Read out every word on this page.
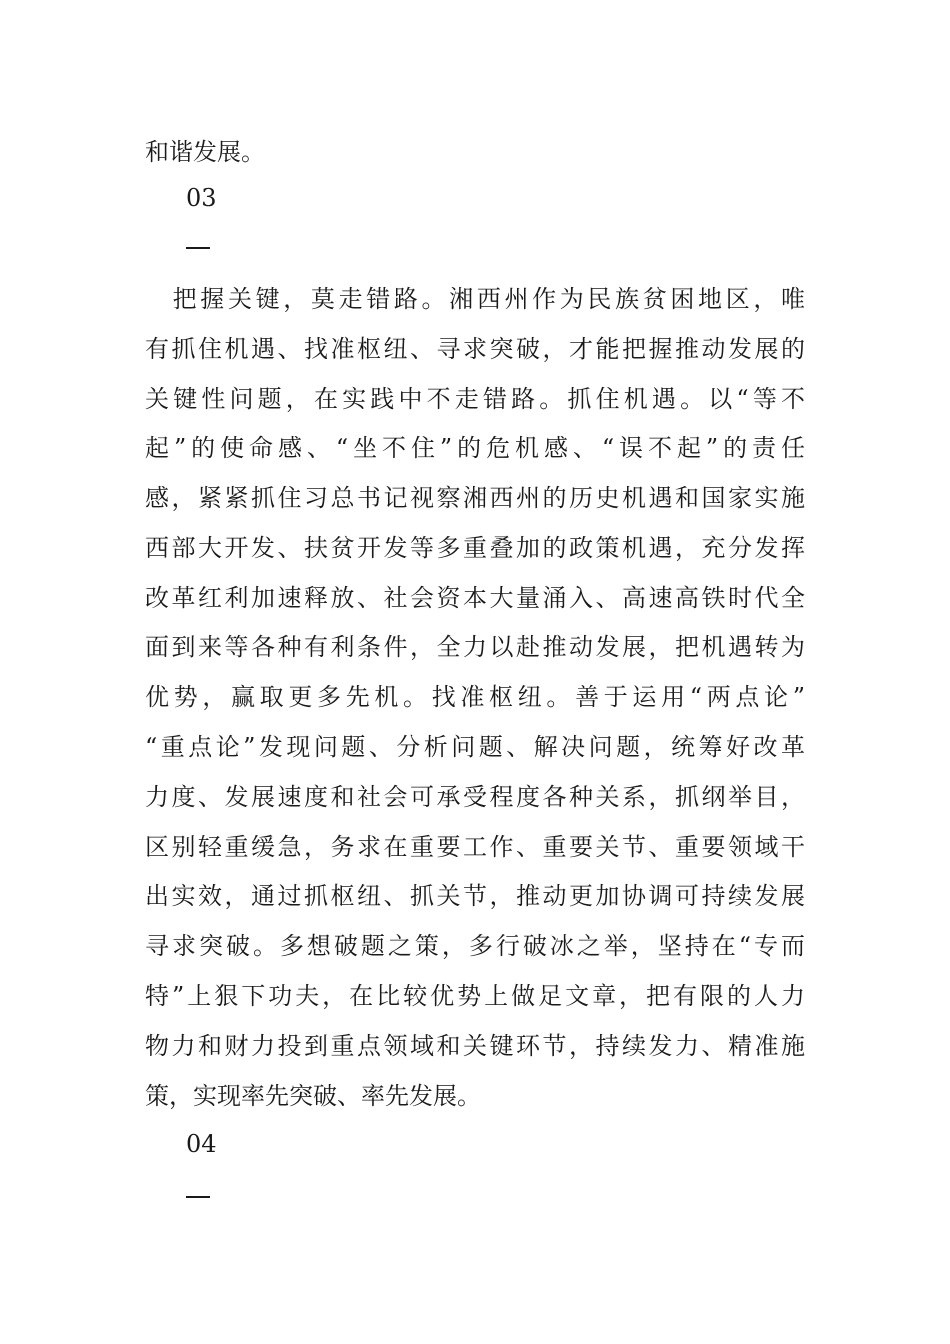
和谐发展。
03
　把握关键，莫走错路。湘西州作为民族贫困地区，唯
有抓住机遇、找准枢纽、寻求突破，才能把握推动发展的
关键性问题，在实践中不走错路。抓住机遇。以“等不
起”的使命感、“坐不住”的危机感、“误不起”的责任
感，紧紧抓住习总书记视察湘西州的历史机遇和国家实施
西部大开发、扶贫开发等多重叠加的政策机遇，充分发挥
改革红利加速释放、社会资本大量涌入、高速高铁时代全
面到来等各种有利条件，全力以赴推动发展，把机遇转为
优势，赢取更多先机。找准枢纽。善于运用“两点论”
“重点论”发现问题、分析问题、解决问题，统筹好改革
力度、发展速度和社会可承受程度各种关系，抓纲举目，
区别轻重缓急，务求在重要工作、重要关节、重要领域干
出实效，通过抓枢纽、抓关节，推动更加协调可持续发展
寻求突破。多想破题之策，多行破冰之举，坚持在“专而
特”上狠下功夫，在比较优势上做足文章，把有限的人力
物力和财力投到重点领域和关键环节，持续发力、精准施
策，实现率先突破、率先发展。
04
